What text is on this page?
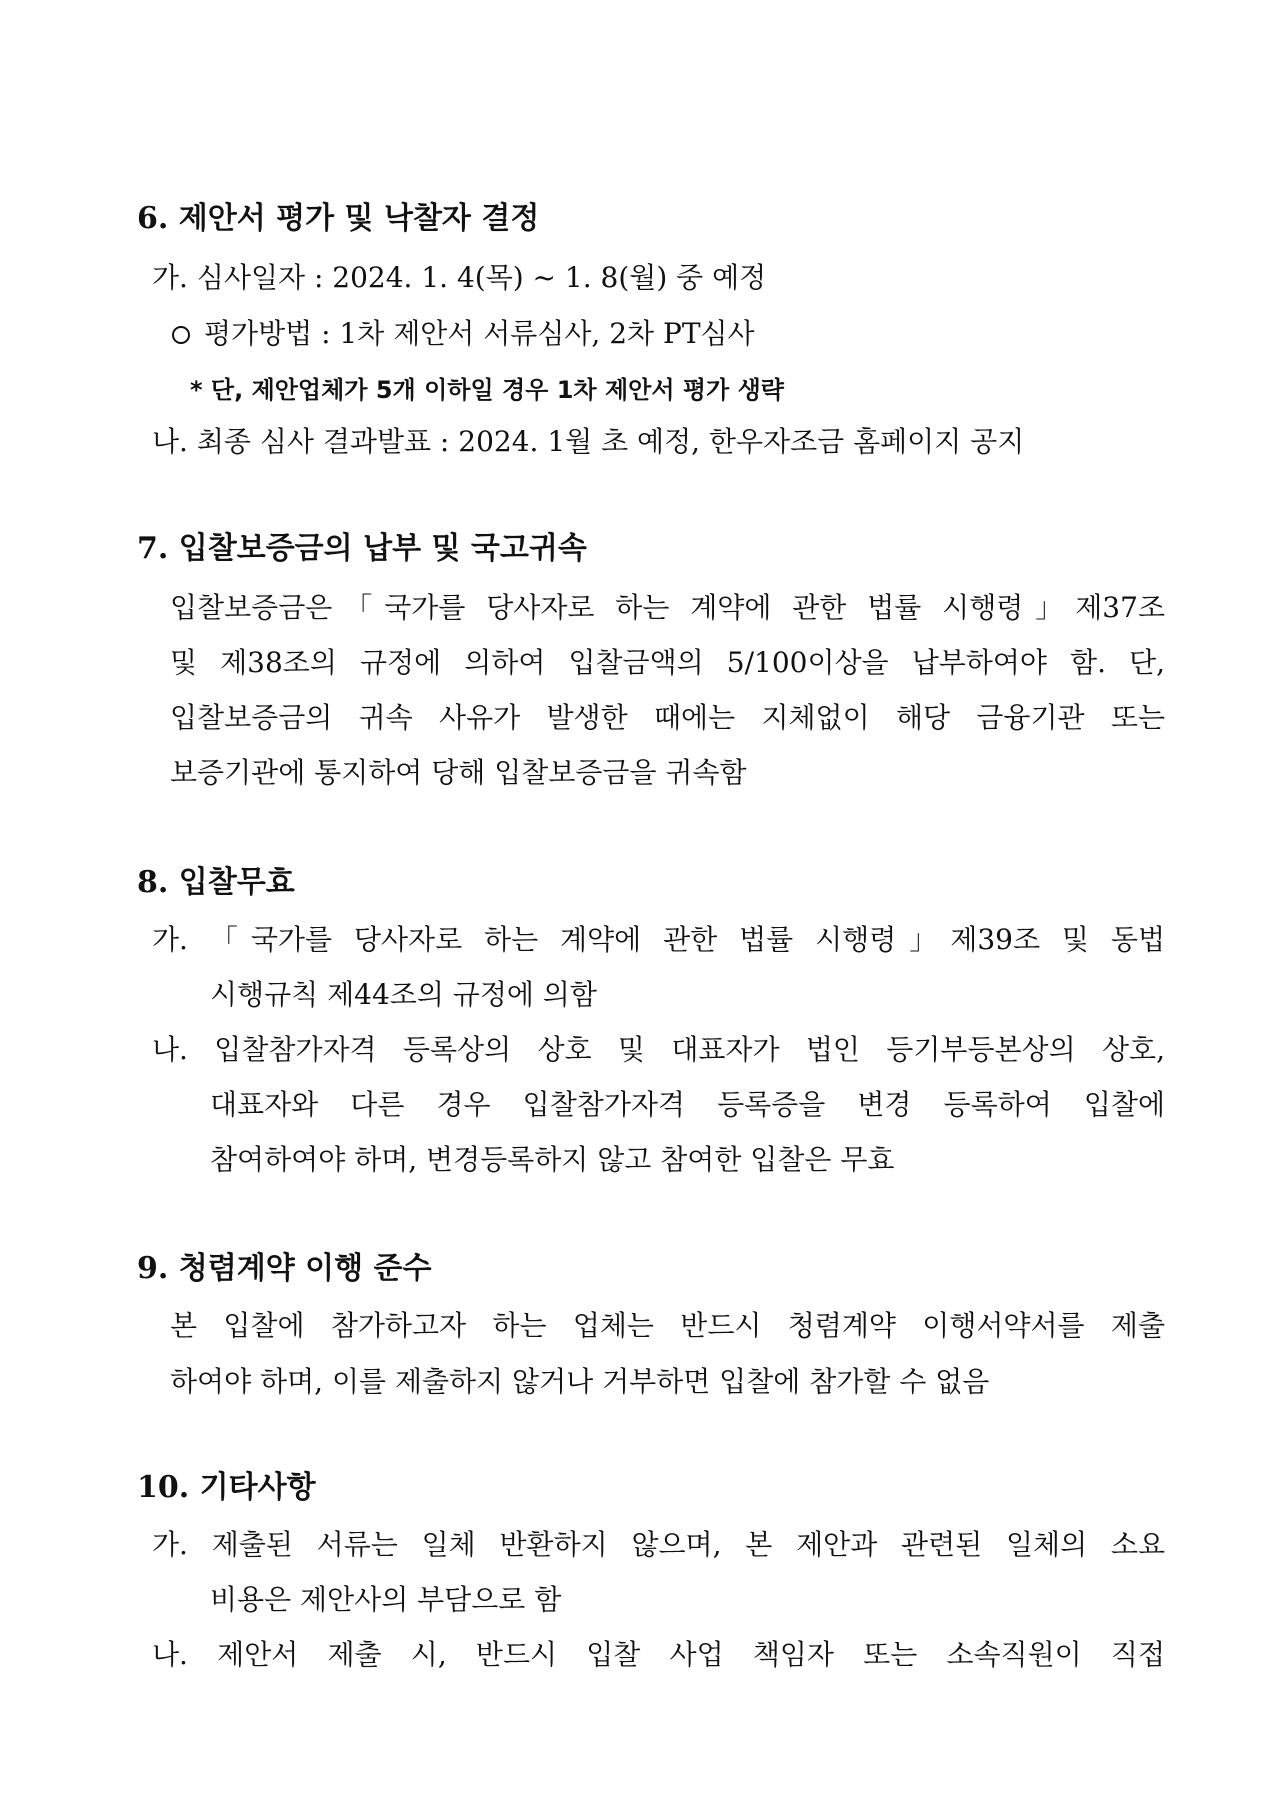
6. 제안서 평가 및 낙찰자 결정
가. 심사일자 : 2024. 1. 4(목) ~ 1. 8(월) 중 예정
평가방법 : 1차 제안서 서류심사, 2차 PT심사
* 단, 제안업체가 5개 이하일 경우 1차 제안서 평가 생략
나. 최종 심사 결과발표 : 2024. 1월 초 예정, 한우자조금 홈페이지 공지
7. 입찰보증금의 납부 및 국고귀속
입찰보증금은「국가를 당사자로 하는 계약에 관한 법률 시행령」제37조
및 제38조의 규정에 의하여 입찰금액의 5/100이상을 납부하여야 함. 단,
입찰보증금의 귀속 사유가 발생한 때에는 지체없이 해당 금융기관 또는
보증기관에 통지하여 당해 입찰보증금을 귀속함
8. 입찰무효
가. 「국가를 당사자로 하는 계약에 관한 법률 시행령」제39조 및 동법
시행규칙 제44조의 규정에 의함
나. 입찰참가자격 등록상의 상호 및 대표자가 법인 등기부등본상의 상호,
대표자와 다른 경우 입찰참가자격 등록증을 변경 등록하여 입찰에
참여하여야 하며, 변경등록하지 않고 참여한 입찰은 무효
9. 청렴계약 이행 준수
본 입찰에 참가하고자 하는 업체는 반드시 청렴계약 이행서약서를 제출
하여야 하며, 이를 제출하지 않거나 거부하면 입찰에 참가할 수 없음
10. 기타사항
가. 제출된 서류는 일체 반환하지 않으며, 본 제안과 관련된 일체의 소요
비용은 제안사의 부담으로 함
나. 제안서 제출 시, 반드시 입찰 사업 책임자 또는 소속직원이 직접
